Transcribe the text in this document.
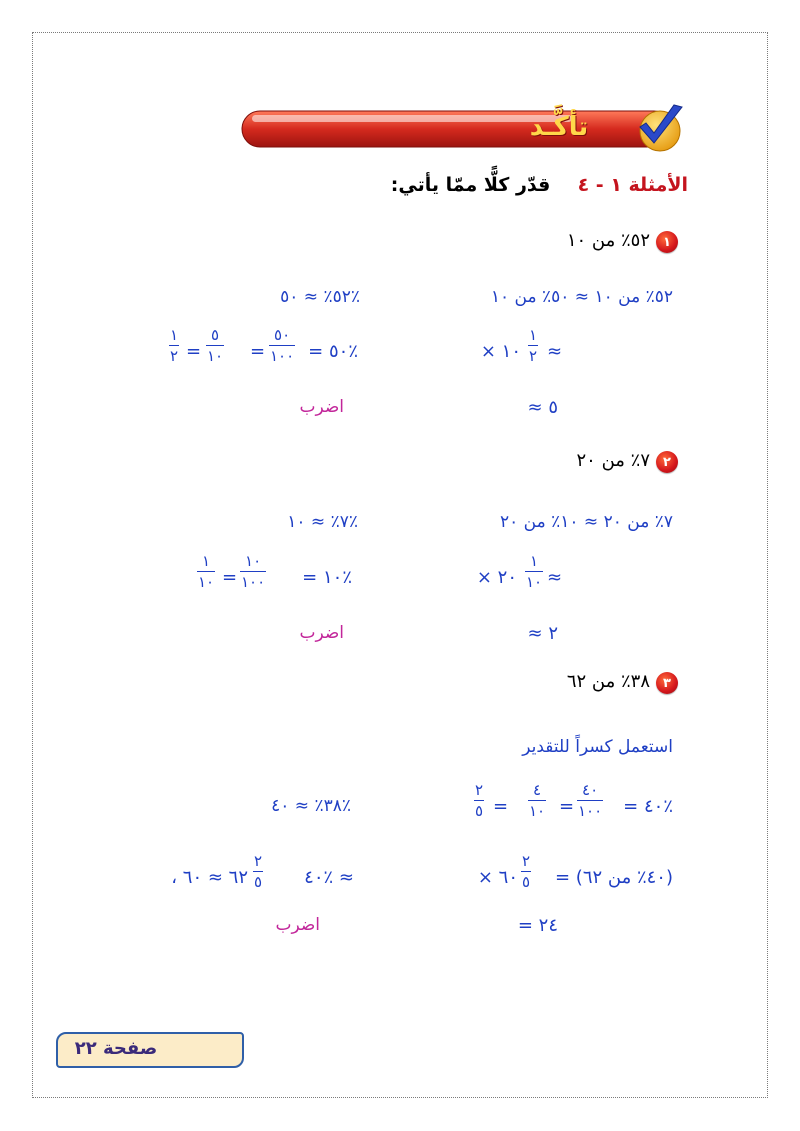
تأكَّـد
الأمثلة ١ - ٤  قدّر كلًّا ممّا يأتي:
١
٥٢٪ من ١٠
٥٢٪ من ١٠ ≈ ٥٠٪ من ١٠
٥٢٪ ≈ ٥٠٪
≈
١
٢
× ١٠
= ٥٠٪
٥٠
١٠٠
=
٥
١٠
=
١
٢
≈ ٥
اضرب
٢
٧٪ من ٢٠
٧٪ من ٢٠ ≈ ١٠٪ من ٢٠
٧٪ ≈ ١٠٪
≈
١
١٠
× ٢٠
= ١٠٪
١٠
١٠٠
=
١
١٠
≈ ٢
اضرب
٣
٣٨٪ من ٦٢
استعمل كسراً للتقدير
= ٤٠٪
٤٠
١٠٠
=
٤
١٠
=
٢
٥
٣٨٪ ≈ ٤٠٪
(٤٠٪ من ٦٢) =
٢
٥
× ٦٠
٤٠٪ ≈
٢
٥
، ٦٢ ≈ ٦٠
= ٢٤
اضرب
صفحة ٢٢
